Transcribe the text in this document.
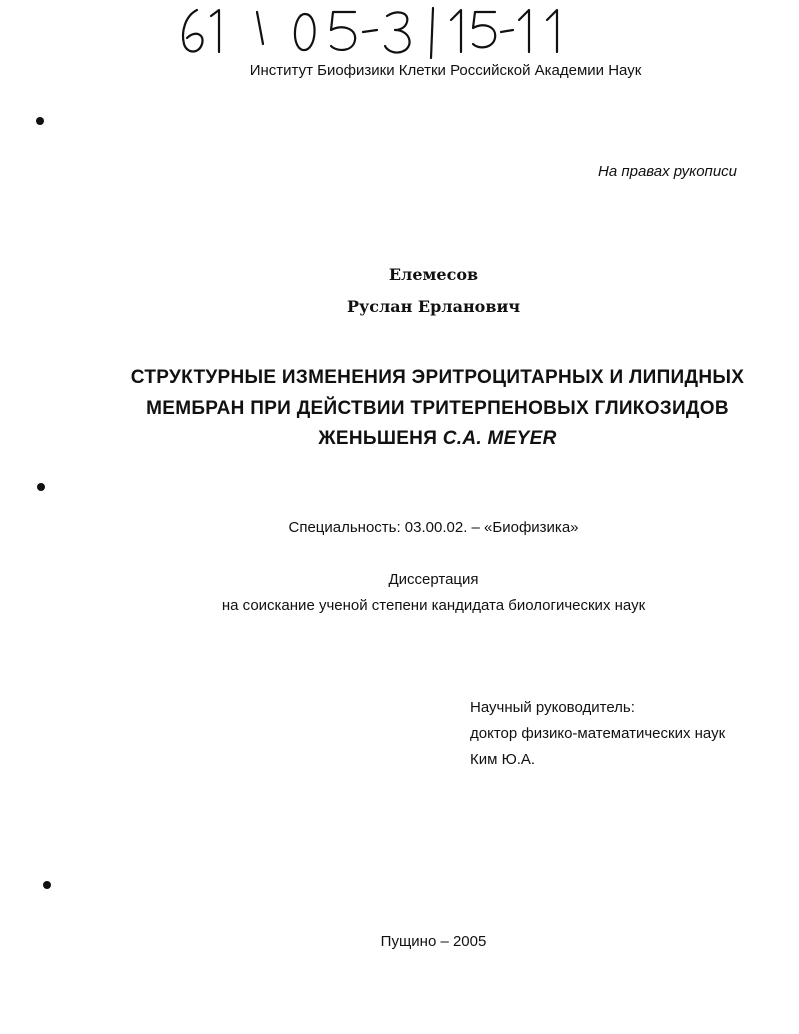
Институт Биофизики Клетки Российской Академии Наук
На правах рукописи
Елемесов
Руслан Ерланович
СТРУКТУРНЫЕ ИЗМЕНЕНИЯ ЭРИТРОЦИТАРНЫХ И ЛИПИДНЫХ
МЕМБРАН ПРИ ДЕЙСТВИИ ТРИТЕРПЕНОВЫХ ГЛИКОЗИДОВ
ЖЕНЬШЕНЯ C.A. MEYER
Специальность: 03.00.02. – «Биофизика»
Диссертация
на соискание ученой степени кандидата биологических наук
Научный руководитель:
доктор физико-математических наук
Ким Ю.А.
Пущино – 2005
